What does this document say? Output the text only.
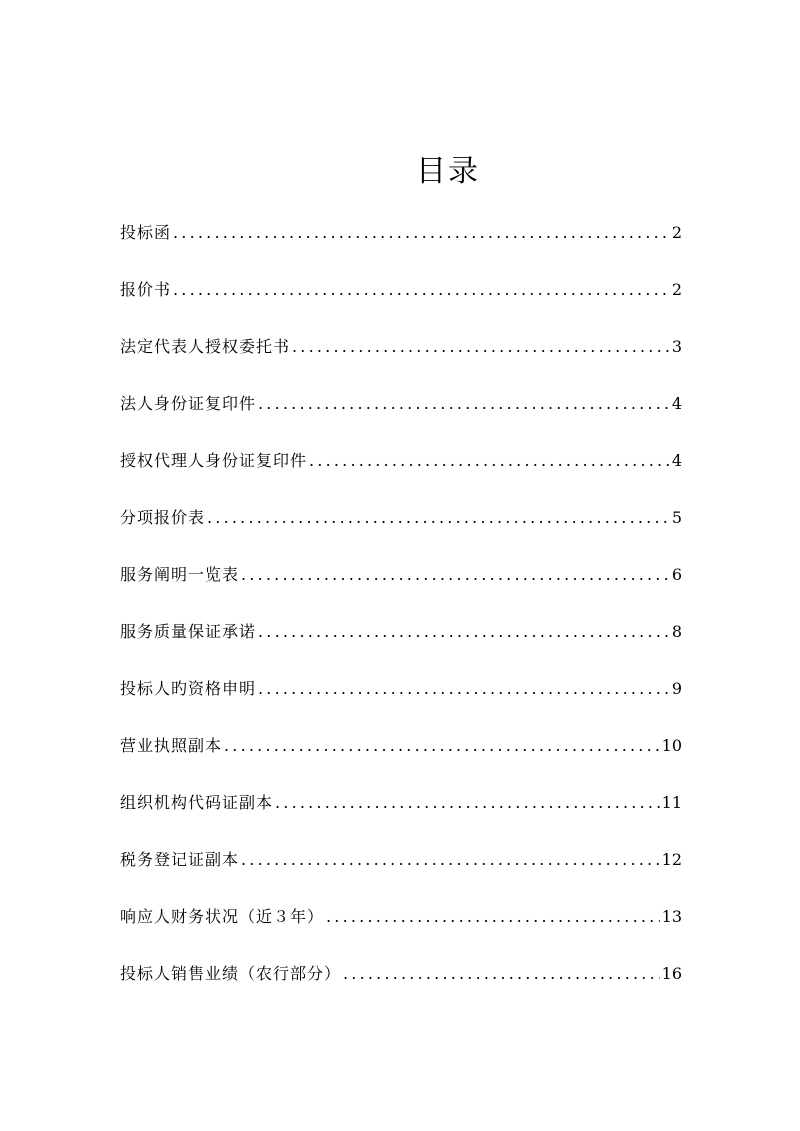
目录
投标函 .....	2
报价书 .....	2
法定代表人授权委托书 .....	3
法人身份证复印件 .....	4
授权代理人身份证复印件 .....	4
分项报价表 .....	5
服务阐明一览表 .....	6
服务质量保证承诺 .....	8
投标人旳资格申明 .....	9
营业执照副本 .....	10
组织机构代码证副本 .....	11
税务登记证副本 .....	12
响应人财务状况（近３年） .....	13
投标人销售业绩（农行部分） .....	16
